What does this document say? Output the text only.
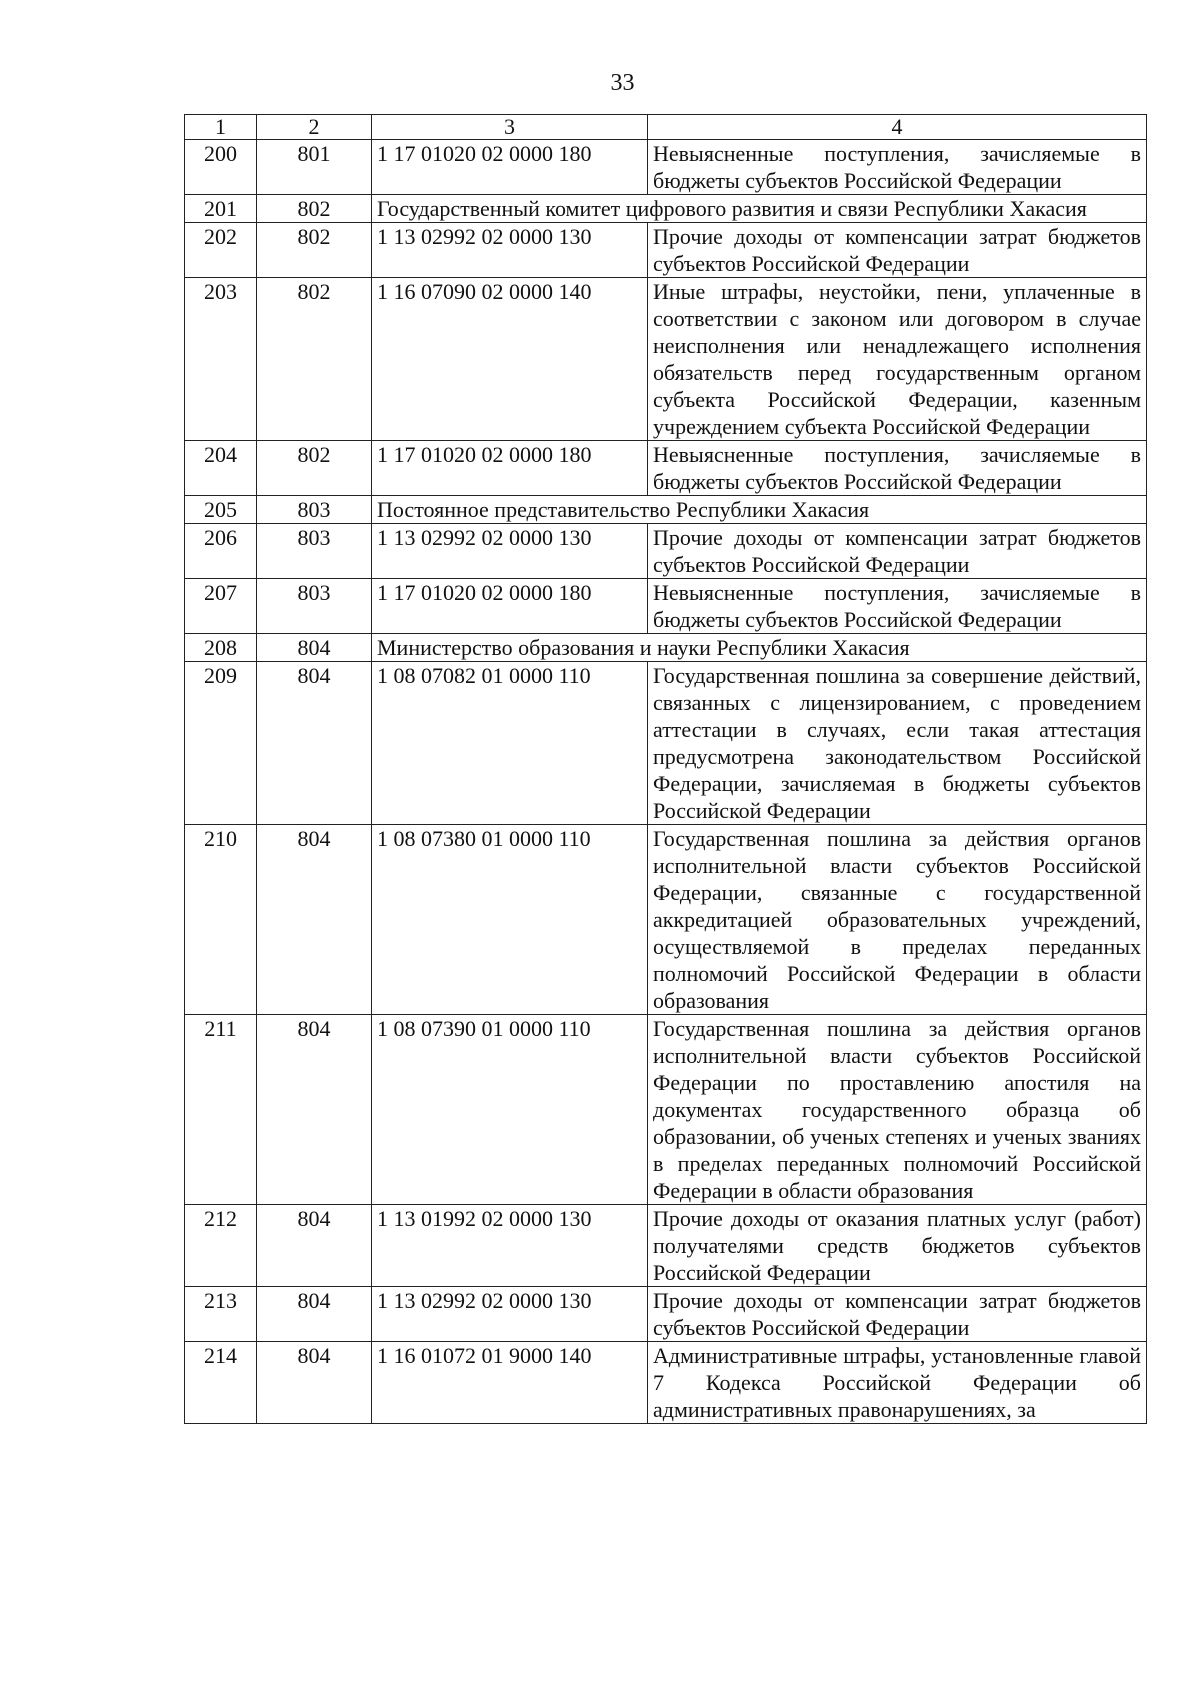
33
1	2	3	4
200	801	1 17 01020 02 0000 180	Невыясненные поступления, зачисляемые в бюджеты субъектов Российской Федерации
201	802	Государственный комитет цифрового развития и связи Республики Хакасия	
202	802	1 13 02992 02 0000 130	Прочие доходы от компенсации затрат бюджетов субъектов Российской Федерации
203	802	1 16 07090 02 0000 140	Иные штрафы, неустойки, пени, уплаченные в соответствии с законом или договором в случае неисполнения или ненадлежащего исполнения обязательств перед государственным органом субъекта Российской Федерации, казенным учреждением субъекта Российской Федерации
204	802	1 17 01020 02 0000 180	Невыясненные поступления, зачисляемые в бюджеты субъектов Российской Федерации
205	803	Постоянное представительство Республики Хакасия	
206	803	1 13 02992 02 0000 130	Прочие доходы от компенсации затрат бюджетов субъектов Российской Федерации
207	803	1 17 01020 02 0000 180	Невыясненные поступления, зачисляемые в бюджеты субъектов Российской Федерации
208	804	Министерство образования и науки Республики Хакасия	
209	804	1 08 07082 01 0000 110	Государственная пошлина за совершение действий, связанных с лицензированием, с проведением аттестации в случаях, если такая аттестация предусмотрена законодательством Российской Федерации, зачисляемая в бюджеты субъектов Российской Федерации
210	804	1 08 07380 01 0000 110	Государственная пошлина за действия органов исполнительной власти субъектов Российской Федерации, связанные с государственной аккредитацией образовательных учреждений, осуществляемой в пределах переданных полномочий Российской Федерации в области образования
211	804	1 08 07390 01 0000 110	Государственная пошлина за действия органов исполнительной власти субъектов Российской Федерации по проставлению апостиля на документах государственного образца об образовании, об ученых степенях и ученых званиях в пределах переданных полномочий Российской Федерации в области образования
212	804	1 13 01992 02 0000 130	Прочие доходы от оказания платных услуг (работ) получателями средств бюджетов субъектов Российской Федерации
213	804	1 13 02992 02 0000 130	Прочие доходы от компенсации затрат бюджетов субъектов Российской Федерации
214	804	1 16 01072 01 9000 140	Административные штрафы, установленные главой 7 Кодекса Российской Федерации об административных правонарушениях, за
